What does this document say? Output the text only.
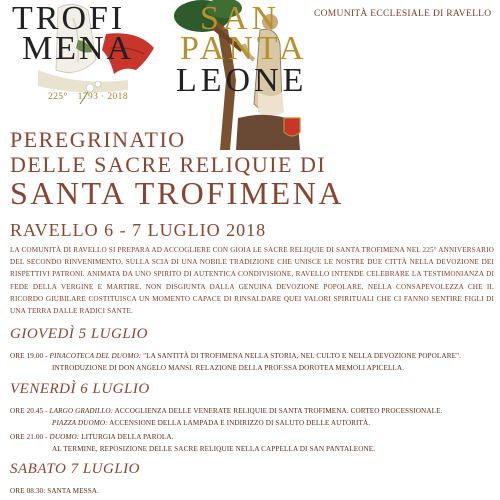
TROFI
MENA
225° 1793 · 2018
SAN
PANTA
LEONE
COMUNITÀ ECCLESIALE DI RAVELLO
PEREGRINATIO
DELLE SACRE RELIQUIE DI
SANTA TROFIMENA
RAVELLO 6 - 7 LUGLIO 2018
LA COMUNITÀ DI RAVELLO SI PREPARA AD ACCOGLIERE CON GIOIA LE SACRE RELIQUIE DI SANTA TROFIMENA NEL 225° ANNIVERSARIO DEL SECONDO RINVENIMENTO, SULLA SCIA DI UNA NOBILE TRADIZIONE CHE UNISCE LE NOSTRE DUE CITTÀ NELLA DEVOZIONE DEI RISPETTIVI PATRONI. ANIMATA DA UNO SPIRITO DI AUTENTICA CONDIVISIONE, RAVELLO INTENDE CELEBRARE LA TESTIMONIANZA DI FEDE DELLA VERGINE E MARTIRE, NON DISGIUNTA DALLA GENUINA DEVOZIONE POPOLARE, NELLA CONSAPEVOLEZZA CHE IL RICORDO GIUBILARE COSTITUISCA UN MOMENTO CAPACE DI RINSALDARE QUEI VALORI SPIRITUALI CHE CI FANNO SENTIRE FIGLI DI UNA TERRA DALLE RADICI SANTE.
GIOVEDÌ 5 LUGLIO
ORE 19.00 - PINACOTECA DEL DUOMO: "LA SANTITÀ DI TROFIMENA NELLA STORIA, NEL CULTO E NELLA DEVOZIONE POPOLARE".
INTRODUZIONE DI DON ANGELO MANSI. RELAZIONE DELLA PROF.SSA DOROTEA MEMOLI APICELLA.
VENERDÌ 6 LUGLIO
ORE 20.45 - LARGO GRADILLO: ACCOGLIENZA DELLE VENERATE RELIQUIE DI SANTA TROFIMENA. CORTEO PROCESSIONALE.
PIAZZA DUOMO: ACCENSIONE DELLA LAMPADA E INDIRIZZO DI SALUTO DELLE AUTORITÀ.
ORE 21.00 - DUOMO: LITURGIA DELLA PAROLA.
AL TERMINE, REPOSIZIONE DELLE SACRE RELIQUIE NELLA CAPPELLA DI SAN PANTALEONE.
SABATO 7 LUGLIO
ORE 08.30: SANTA MESSA.
